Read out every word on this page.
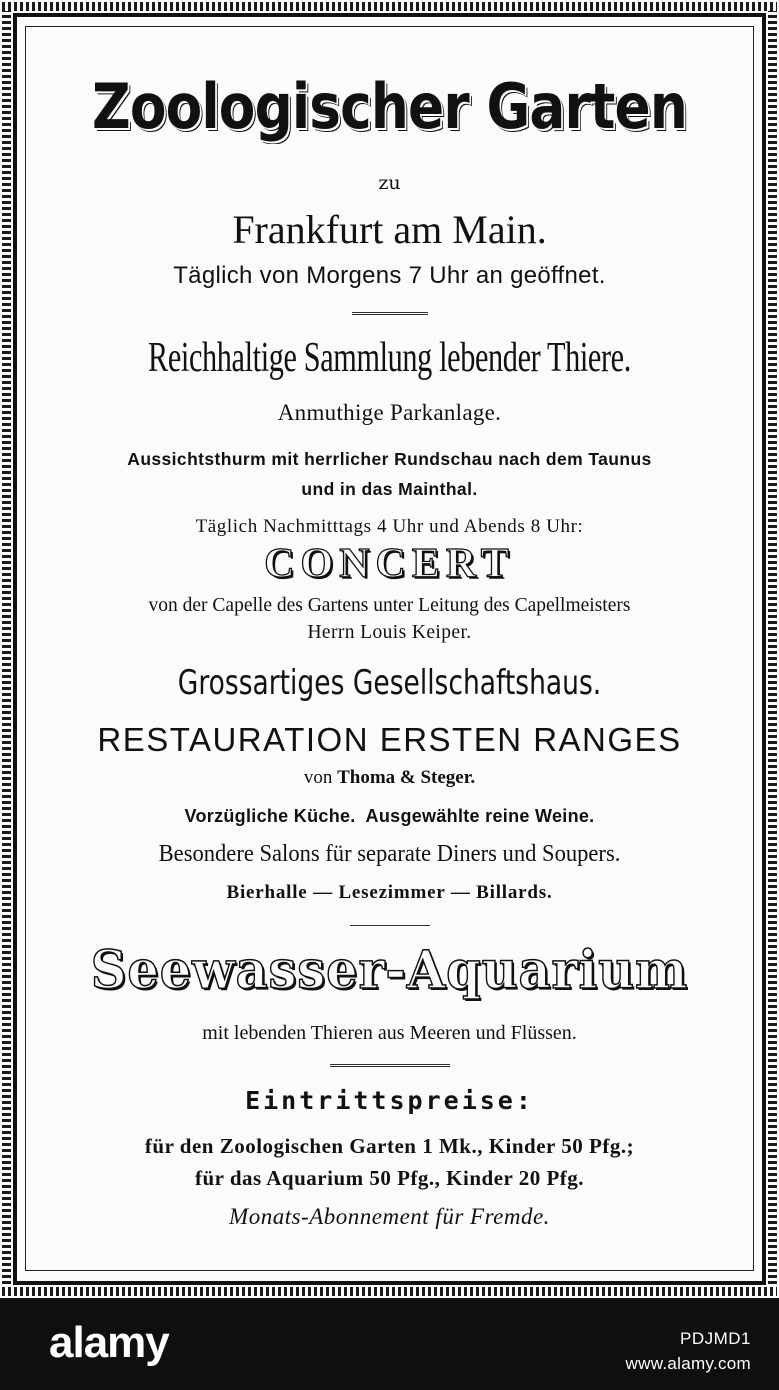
Zoologischer Garten
zu
Frankfurt am Main.
Täglich von Morgens 7 Uhr an geöffnet.
Reichhaltige Sammlung lebender Thiere.
Anmuthige Parkanlage.
Aussichtsthurm mit herrlicher Rundschau nach dem Taunus
und in das Mainthal.
Täglich Nachmitttags 4 Uhr und Abends 8 Uhr:
CONCERT
von der Capelle des Gartens unter Leitung des Capellmeisters
Herrn Louis Keiper.
Grossartiges Gesellschaftshaus.
RESTAURATION ERSTEN RANGES
von Thoma & Steger.
Vorzügliche Küche.  Ausgewählte reine Weine.
Besondere Salons für separate Diners und Soupers.
Bierhalle — Lesezimmer — Billards.
Seewasser-Aquarium
mit lebenden Thieren aus Meeren und Flüssen.
Eintrittspreise:
für den Zoologischen Garten 1 Mk., Kinder 50 Pfg.;
für das Aquarium 50 Pfg., Kinder 20 Pfg.
Monats-Abonnement für Fremde.
alamy	PDJMD1
www.alamy.com
